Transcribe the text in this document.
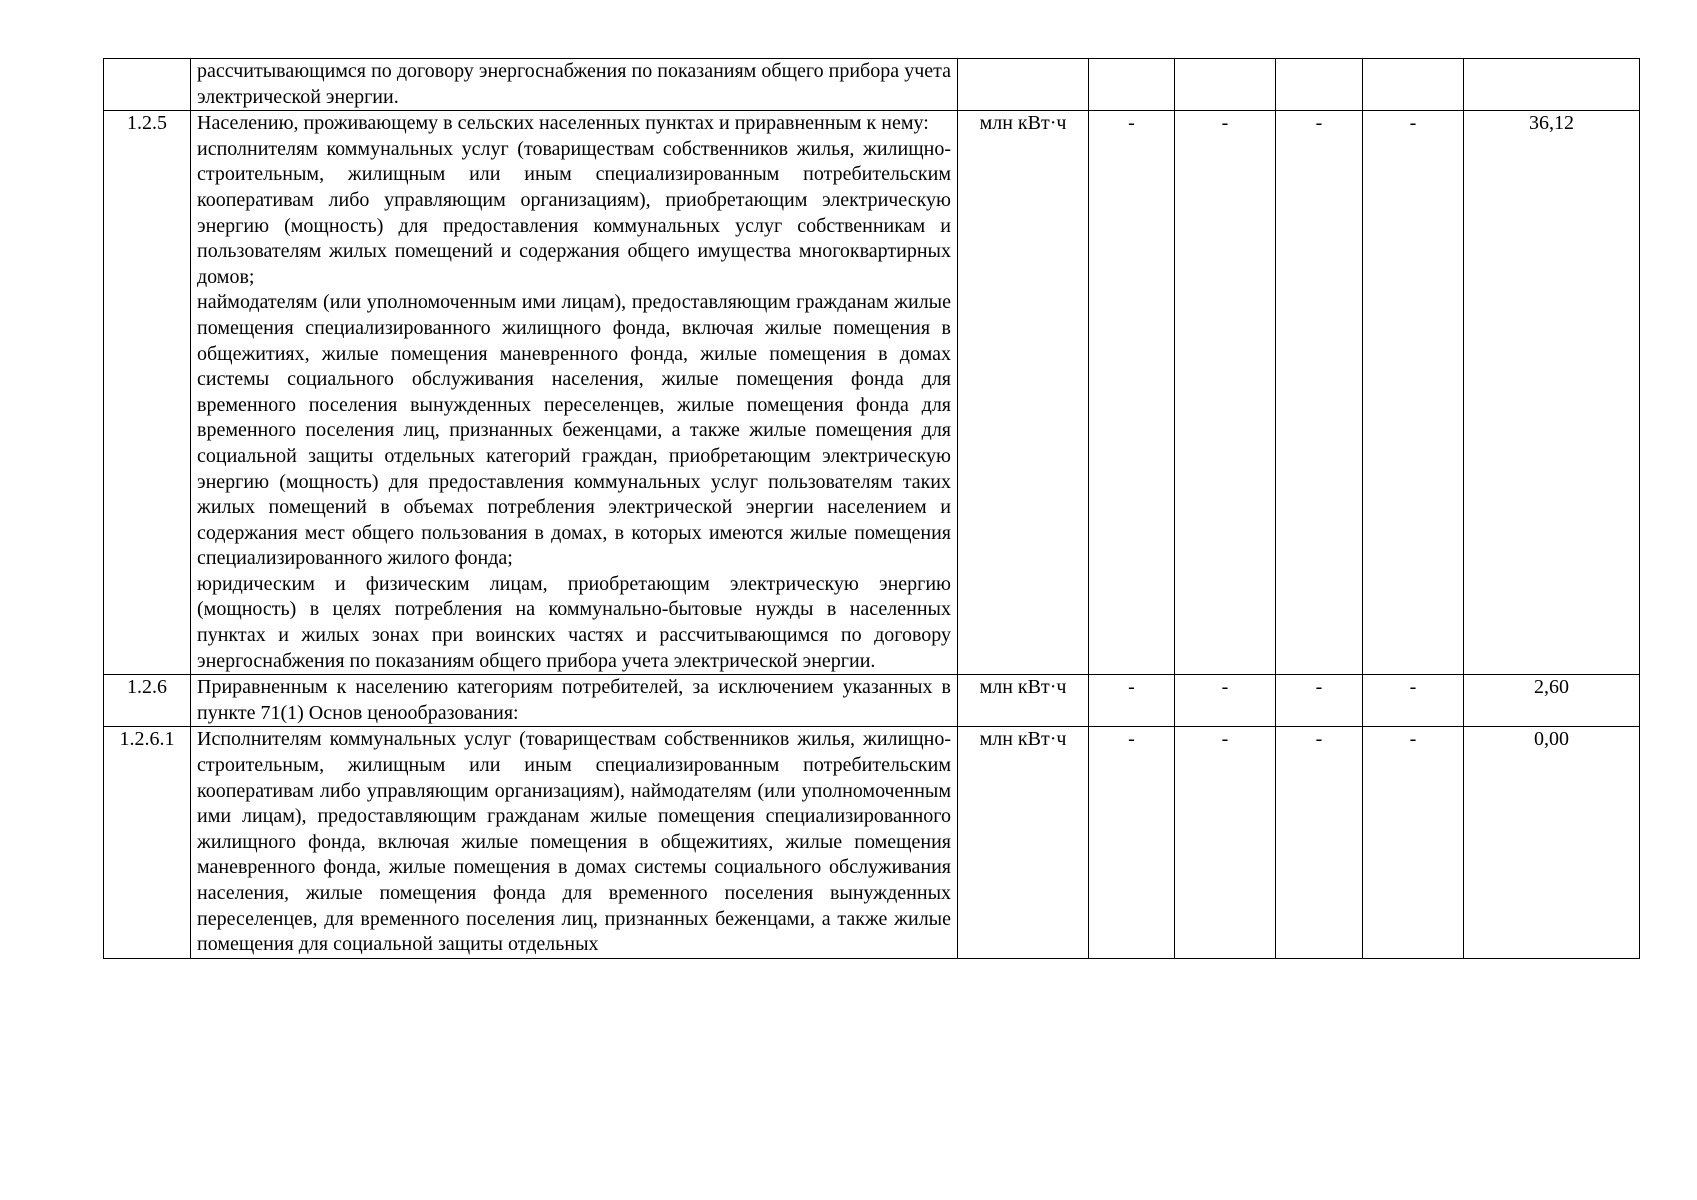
	рассчитывающимся по договору энергоснабжения по показаниям общего прибора учета электрической энергии.						

1.2.5	Населению, проживающему в сельских населенных пунктах и приравненным к нему:
исполнителям коммунальных услуг (товариществам собственников жилья, жилищно-строительным, жилищным или иным специализированным потребительским кооперативам либо управляющим организациям), приобретающим электрическую энергию (мощность) для предоставления коммунальных услуг собственникам и пользователям жилых помещений и содержания общего имущества многоквартирных домов;
наймодателям (или уполномоченным ими лицам), предоставляющим гражданам жилые помещения специализированного жилищного фонда, включая жилые помещения в общежитиях, жилые помещения маневренного фонда, жилые помещения в домах системы социального обслуживания населения, жилые помещения фонда для временного поселения вынужденных переселенцев, жилые помещения фонда для временного поселения лиц, признанных беженцами, а также жилые помещения для социальной защиты отдельных категорий граждан, приобретающим электрическую энергию (мощность) для предоставления коммунальных услуг пользователям таких жилых помещений в объемах потребления электрической энергии населением и содержания мест общего пользования в домах, в которых имеются жилые помещения специализированного жилого фонда;
юридическим и физическим лицам, приобретающим электрическую энергию (мощность) в целях потребления на коммунально-бытовые нужды в населенных пунктах и жилых зонах при воинских частях и рассчитывающимся по договору энергоснабжения по показаниям общего прибора учета электрической энергии.	млн кВт·ч	-	-	-	-	36,12
1.2.6	Приравненным к населению категориям потребителей, за исключением указанных в пункте 71(1) Основ ценообразования:	млн кВт·ч	-	-	-	-	2,60
1.2.6.1	Исполнителям коммунальных услуг (товариществам собственников жилья, жилищно-строительным, жилищным или иным специализированным потребительским кооперативам либо управляющим организациям), наймодателям (или уполномоченным ими лицам), предоставляющим гражданам жилые помещения специализированного жилищного фонда, включая жилые помещения в общежитиях, жилые помещения маневренного фонда, жилые помещения в домах системы социального обслуживания населения, жилые помещения фонда для временного поселения вынужденных переселенцев, для временного поселения лиц, признанных беженцами, а также жилые помещения для социальной защиты отдельных	млн кВт·ч	-	-	-	-	0,00
